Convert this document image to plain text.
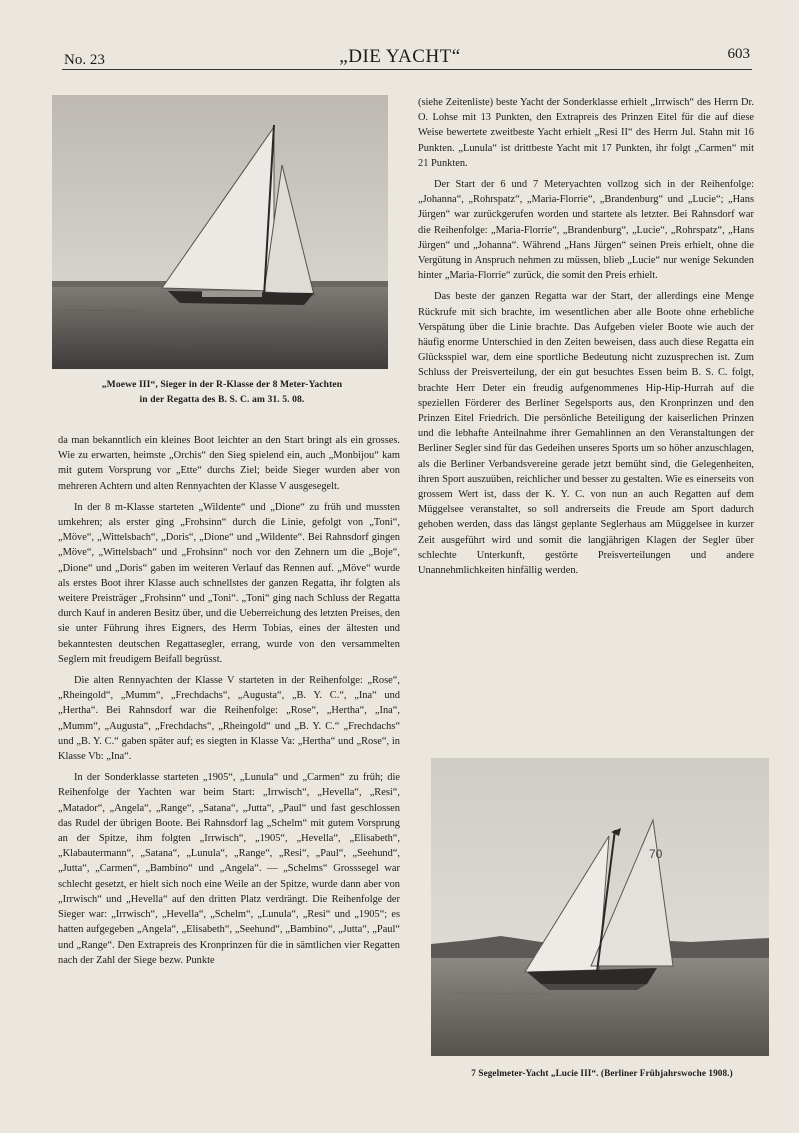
No. 23	„DIE YACHT“	603
„Moewe III“, Sieger in der R-Klasse der 8 Meter-Yachten
in der Regatta des B. S. C. am 31. 5. 08.

da man bekanntlich ein kleines Boot leichter an den Start bringt als ein grosses. Wie zu erwarten, heimste „Orchis“ den Sieg spielend ein, auch „Monbijou“ kam mit gutem Vorsprung vor „Ette“ durchs Ziel; beide Sieger wurden aber von mehreren Achtern und alten Rennyachten der Klasse V ausgesegelt.

In der 8 m-Klasse starteten „Wildente“ und „Dione“ zu früh und mussten umkehren; als erster ging „Frohsinn“ durch die Linie, gefolgt von „Toni“, „Möve“, „Wittelsbach“, „Doris“, „Dione“ und „Wildente“. Bei Rahnsdorf gingen „Möve“, „Wittelsbach“ und „Frohsinn“ noch vor den Zehnern um die „Boje“, „Dione“ und „Doris“ gaben im weiteren Verlauf das Rennen auf. „Möve“ wurde als erstes Boot ihrer Klasse auch schnellstes der ganzen Regatta, ihr folgten als weitere Preisträger „Frohsinn“ und „Toni“. „Toni“ ging nach Schluss der Regatta durch Kauf in anderen Besitz über, und die Ueberreichung des letzten Preises, den sie unter Führung ihres Eigners, des Herrn Tobias, eines der ältesten und bekanntesten deutschen Regattasegler, errang, wurde von den versammelten Seglern mit freudigem Beifall begrüsst.

Die alten Rennyachten der Klasse V starteten in der Reihenfolge: „Rose“, „Rheingold“, „Mumm“, „Frechdachs“, „Augusta“, „B. Y. C.“, „Ina“ und „Hertha“. Bei Rahnsdorf war die Reihenfolge: „Rose“, „Hertha“, „Ina“, „Mumm“, „Augusta“, „Frechdachs“, „Rheingold“ und „B. Y. C.“ „Frechdachs“ und „B. Y. C.“ gaben später auf; es siegten in Klasse Va: „Hertha“ und „Rose“, in Klasse Vb: „Ina“.

In der Sonderklasse starteten „1905“, „Lunula“ und „Carmen“ zu früh; die Reihenfolge der Yachten war beim Start: „Irrwisch“, „Hevella“, „Resi“, „Matador“, „Angela“, „Range“, „Satana“, „Jutta“, „Paul“ und fast geschlossen das Rudel der übrigen Boote. Bei Rahnsdorf lag „Schelm“ mit gutem Vorsprung an der Spitze, ihm folgten „Irrwisch“, „1905“, „Hevella“, „Elisabeth“, „Klabautermann“, „Satana“, „Lunula“, „Range“, „Resi“, „Paul“, „Seehund“, „Jutta“, „Carmen“, „Bambino“ und „Angela“. — „Schelms“ Grosssegel war schlecht gesetzt, er hielt sich noch eine Weile an der Spitze, wurde dann aber von „Irrwisch“ und „Hevella“ auf den dritten Platz verdrängt. Die Reihenfolge der Sieger war: „Irrwisch“, „Hevella“, „Schelm“, „Lunula“, „Resi“ und „1905“; es hatten aufgegeben „Angela“, „Elisabeth“, „Seehund“, „Bambino“, „Jutta“, „Paul“ und „Range“. Den Extrapreis des Kronprinzen für die in sämtlichen vier Regatten nach der Zahl der Siege bezw. Punkte

(siehe Zeitenliste) beste Yacht der Sonderklasse erhielt „Irrwisch“ des Herrn Dr. O. Lohse mit 13 Punkten, den Extrapreis des Prinzen Eitel für die auf diese Weise bewertete zweitbeste Yacht erhielt „Resi II“ des Herrn Jul. Stahn mit 16 Punkten. „Lunula“ ist drittbeste Yacht mit 17 Punkten, ihr folgt „Carmen“ mit 21 Punkten.

Der Start der 6 und 7 Meteryachten vollzog sich in der Reihenfolge: „Johanna“, „Rohrspatz“, „Maria-Florrie“, „Brandenburg“ und „Lucie“; „Hans Jürgen“ war zurückgerufen worden und startete als letzter. Bei Rahnsdorf war die Reihenfolge: „Maria-Florrie“, „Brandenburg“, „Lucie“, „Rohrspatz“, „Hans Jürgen“ und „Johanna“. Während „Hans Jürgen“ seinen Preis erhielt, ohne die Vergütung in Anspruch nehmen zu müssen, blieb „Lucie“ nur wenige Sekunden hinter „Maria-Florrie“ zurück, die somit den Preis erhielt.

Das beste der ganzen Regatta war der Start, der allerdings eine Menge Rückrufe mit sich brachte, im wesentlichen aber alle Boote ohne erhebliche Verspätung über die Linie brachte. Das Aufgeben vieler Boote wie auch der häufig enorme Unterschied in den Zeiten beweisen, dass auch diese Regatta ein Glücksspiel war, dem eine sportliche Bedeutung nicht zuzusprechen ist. Zum Schluss der Preisverteilung, der ein gut besuchtes Essen beim B. S. C. folgt, brachte Herr Deter ein freudig aufgenommenes Hip-Hip-Hurrah auf die speziellen Förderer des Berliner Segelsports aus, den Kronprinzen und den Prinzen Eitel Friedrich. Die persönliche Beteiligung der kaiserlichen Prinzen und die lebhafte Anteilnahme ihrer Gemahlinnen an den Veranstaltungen der Berliner Segler sind für das Gedeihen unseres Sports um so höher anzuschlagen, als die Berliner Verbandsvereine gerade jetzt bemüht sind, die Gelegenheiten, ihren Sport auszuüben, reichlicher und besser zu gestalten. Wie es einerseits von grossem Wert ist, dass der K. Y. C. von nun an auch Regatten auf dem Müggelsee veranstaltet, so soll andrerseits die Freude am Sport dadurch gehoben werden, dass das längst geplante Seglerhaus am Müggelsee in kurzer Zeit ausgeführt wird und somit die langjährigen Klagen der Segler über schlechte Unterkunft, gestörte Preisverteilungen und andere Unannehmlichkeiten hinfällig werden.

70
7 Segelmeter-Yacht „Lucie III“. (Berliner Frühjahrswoche 1908.)
